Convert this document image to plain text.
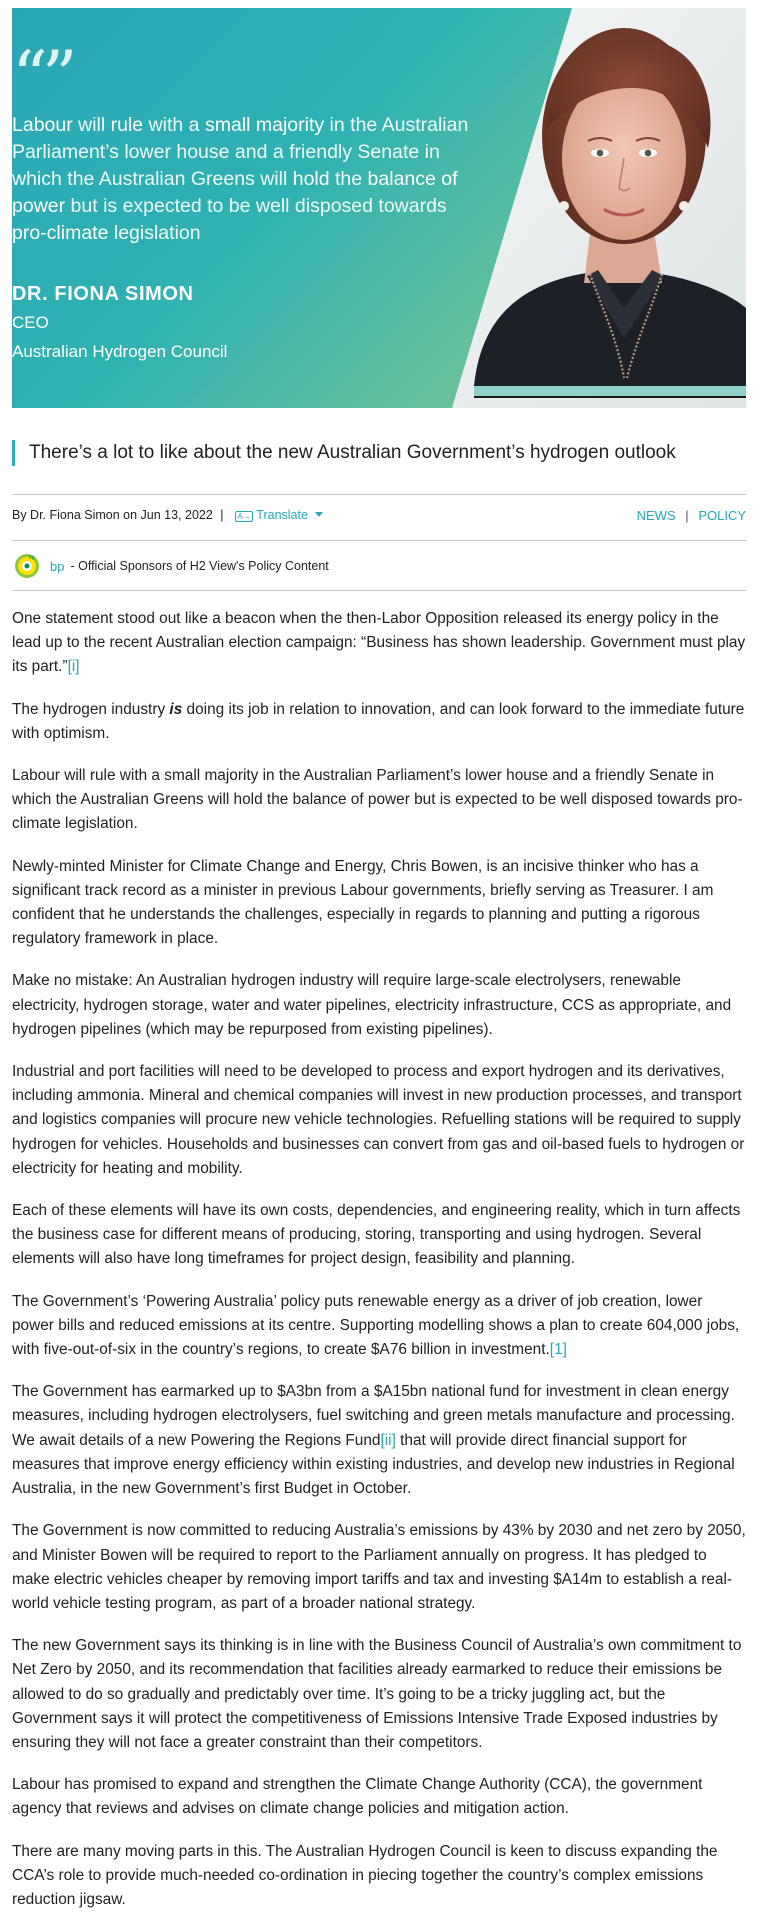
“”
Labour will rule with a small majority in the Australian Parliament’s lower house and a friendly Senate in which the Australian Greens will hold the balance of power but is expected to be well disposed towards pro-climate legislation
DR. FIONA SIMON
CEO
Australian Hydrogen Council
There’s a lot to like about the new Australian Government’s hydrogen outlook
By Dr. Fiona Simon on Jun 13, 2022 | A→ Translate	NEWS | POLICY
bp
bp - Official Sponsors of H2 View's Policy Content

One statement stood out like a beacon when the then-Labor Opposition released its energy policy in the lead up to the recent Australian election campaign: “Business has shown leadership. Government must play its part.”[i]

The hydrogen industry is doing its job in relation to innovation, and can look forward to the immediate future with optimism.

Labour will rule with a small majority in the Australian Parliament’s lower house and a friendly Senate in which the Australian Greens will hold the balance of power but is expected to be well disposed towards pro-climate legislation.

Newly-minted Minister for Climate Change and Energy, Chris Bowen, is an incisive thinker who has a significant track record as a minister in previous Labour governments, briefly serving as Treasurer. I am confident that he understands the challenges, especially in regards to planning and putting a rigorous regulatory framework in place.

Make no mistake: An Australian hydrogen industry will require large-scale electrolysers, renewable electricity, hydrogen storage, water and water pipelines, electricity infrastructure, CCS as appropriate, and hydrogen pipelines (which may be repurposed from existing pipelines).

Industrial and port facilities will need to be developed to process and export hydrogen and its derivatives, including ammonia. Mineral and chemical companies will invest in new production processes, and transport and logistics companies will procure new vehicle technologies. Refuelling stations will be required to supply hydrogen for vehicles. Households and businesses can convert from gas and oil-based fuels to hydrogen or electricity for heating and mobility.

Each of these elements will have its own costs, dependencies, and engineering reality, which in turn affects the business case for different means of producing, storing, transporting and using hydrogen. Several elements will also have long timeframes for project design, feasibility and planning.

The Government’s ‘Powering Australia’ policy puts renewable energy as a driver of job creation, lower power bills and reduced emissions at its centre. Supporting modelling shows a plan to create 604,000 jobs, with five-out-of-six in the country’s regions, to create $A76 billion in investment.[1]

The Government has earmarked up to $A3bn from a $A15bn national fund for investment in clean energy measures, including hydrogen electrolysers, fuel switching and green metals manufacture and processing. We await details of a new Powering the Regions Fund[ii] that will provide direct financial support for measures that improve energy efficiency within existing industries, and develop new industries in Regional Australia, in the new Government’s first Budget in October.

The Government is now committed to reducing Australia’s emissions by 43% by 2030 and net zero by 2050, and Minister Bowen will be required to report to the Parliament annually on progress. It has pledged to make electric vehicles cheaper by removing import tariffs and tax and investing $A14m to establish a real-world vehicle testing program, as part of a broader national strategy.

The new Government says its thinking is in line with the Business Council of Australia’s own commitment to Net Zero by 2050, and its recommendation that facilities already earmarked to reduce their emissions be allowed to do so gradually and predictably over time. It’s going to be a tricky juggling act, but the Government says it will protect the competitiveness of Emissions Intensive Trade Exposed industries by ensuring they will not face a greater constraint than their competitors.

Labour has promised to expand and strengthen the Climate Change Authority (CCA), the government agency that reviews and advises on climate change policies and mitigation action.

There are many moving parts in this. The Australian Hydrogen Council is keen to discuss expanding the CCA’s role to provide much-needed co-ordination in piecing together the country’s complex emissions reduction jigsaw.
